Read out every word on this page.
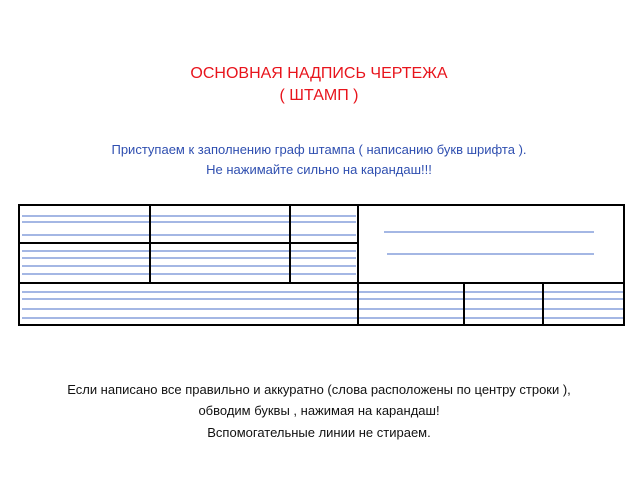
ОСНОВНАЯ НАДПИСЬ ЧЕРТЕЖА
( ШТАМП )
Приступаем к заполнению граф штампа ( написанию букв шрифта ).
Не нажимайте сильно на карандаш!!!
Если написано все правильно и аккуратно (слова расположены по центру строки ),
обводим буквы , нажимая на карандаш!
Вспомогательные линии не стираем.
